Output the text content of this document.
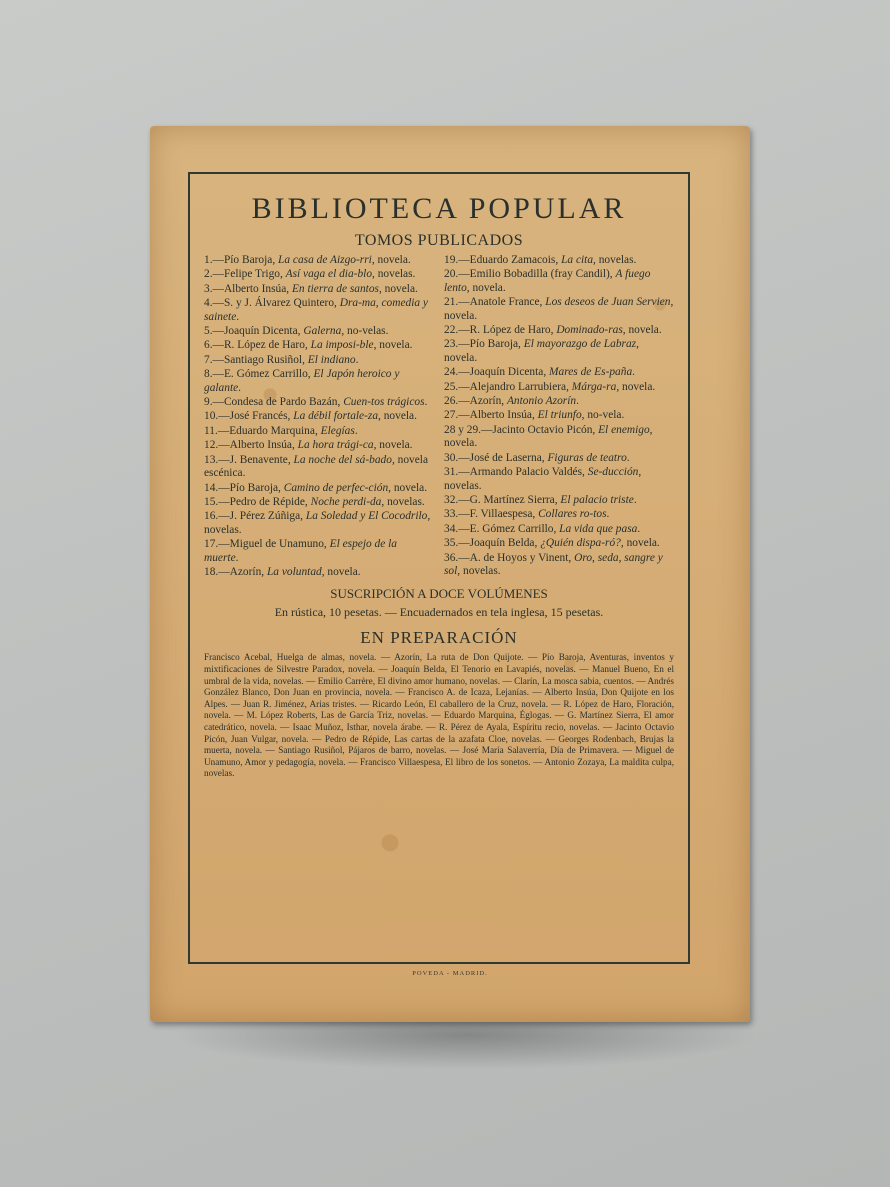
BIBLIOTECA POPULAR
TOMOS PUBLICADOS
1.—Pío Baroja, La casa de Aizgo-rri, novela.
2.—Felipe Trigo, Así vaga el dia-blo, novelas.
3.—Alberto Insúa, En tierra de santos, novela.
4.—S. y J. Álvarez Quintero, Dra-ma, comedia y sainete.
5.—Joaquín Dicenta, Galerna, no-velas.
6.—R. López de Haro, La imposi-ble, novela.
7.—Santiago Rusiñol, El indiano.
8.—E. Gómez Carrillo, El Japón heroico y galante.
9.—Condesa de Pardo Bazán, Cuen-tos trágicos.
10.—José Francés, La débil fortale-za, novela.
11.—Eduardo Marquina, Elegías.
12.—Alberto Insúa, La hora trági-ca, novela.
13.—J. Benavente, La noche del sá-bado, novela escénica.
14.—Pío Baroja, Camino de perfec-ción, novela.
15.—Pedro de Répide, Noche perdi-da, novelas.
16.—J. Pérez Zúñiga, La Soledad y El Cocodrilo, novelas.
17.—Miguel de Unamuno, El espejo de la muerte.
18.—Azorín, La voluntad, novela.
19.—Eduardo Zamacois, La cita, novelas.
20.—Emilio Bobadilla (fray Candil), A fuego lento, novela.
21.—Anatole France, Los deseos de Juan Servien, novela.
22.—R. López de Haro, Dominado-ras, novela.
23.—Pío Baroja, El mayorazgo de Labraz, novela.
24.—Joaquín Dicenta, Mares de Es-paña.
25.—Alejandro Larrubiera, Márga-ra, novela.
26.—Azorín, Antonio Azorín.
27.—Alberto Insúa, El triunfo, no-vela.
28 y 29.—Jacinto Octavio Picón, El enemigo, novela.
30.—José de Laserna, Figuras de teatro.
31.—Armando Palacio Valdés, Se-ducción, novelas.
32.—G. Martínez Sierra, El palacio triste.
33.—F. Villaespesa, Collares ro-tos.
34.—E. Gómez Carrillo, La vida que pasa.
35.—Joaquín Belda, ¿Quién dispa-ró?, novela.
36.—A. de Hoyos y Vinent, Oro, seda, sangre y sol, novelas.
SUSCRIPCIÓN A DOCE VOLÚMENES
En rústica, 10 pesetas. — Encuadernados en tela inglesa, 15 pesetas.
EN PREPARACIÓN
Francisco Acebal, Huelga de almas, novela. — Azorín, La ruta de Don Quijote. — Pío Baroja, Aventuras, inventos y mixtificaciones de Silvestre Paradox, novela. — Joaquín Belda, El Tenorio en Lavapiés, novelas. — Manuel Bueno, En el umbral de la vida, novelas. — Emilio Carrère, El divino amor humano, novelas. — Clarín, La mosca sabia, cuentos. — Andrés González Blanco, Don Juan en provincia, novela. — Francisco A. de Icaza, Lejanías. — Alberto Insúa, Don Quijote en los Alpes. — Juan R. Jiménez, Arias tristes. — Ricardo León, El caballero de la Cruz, novela. — R. López de Haro, Floración, novela. — M. López Roberts, Las de García Triz, novelas. — Eduardo Marquina, Églogas. — G. Martínez Sierra, El amor catedrático, novela. — Isaac Muñoz, Isthar, novela árabe. — R. Pérez de Ayala, Espíritu recio, novelas. — Jacinto Octavio Picón, Juan Vulgar, novela. — Pedro de Répide, Las cartas de la azafata Cloe, novelas. — Georges Rodenbach, Brujas la muerta, novela. — Santiago Rusiñol, Pájaros de barro, novelas. — José María Salaverría, Día de Primavera. — Miguel de Unamuno, Amor y pedagogía, novela. — Francisco Villaespesa, El libro de los sonetos. — Antonio Zozaya, La maldita culpa, novelas.
POVEDA - MADRID.
